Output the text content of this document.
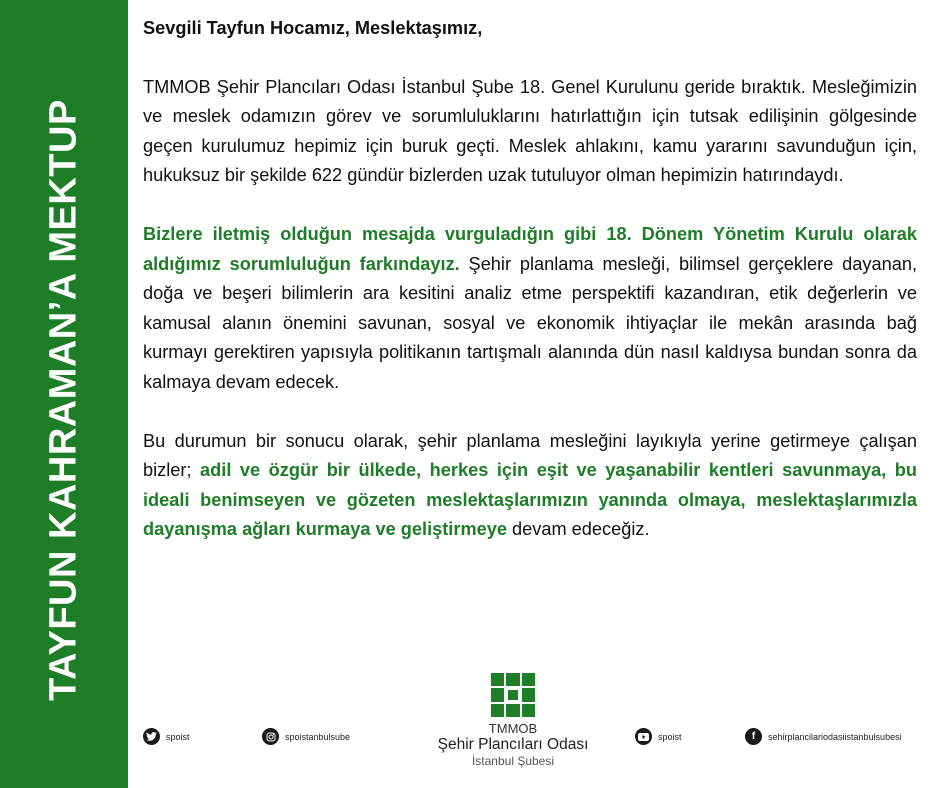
TAYFUN KAHRAMAN’A MEKTUP

Sevgili Tayfun Hocamız, Meslektaşımız,

TMMOB Şehir Plancıları Odası İstanbul Şube 18. Genel Kurulunu geride bıraktık. Mesleğimizin ve meslek odamızın görev ve sorumluluklarını hatırlattığın için tutsak edilişinin gölgesinde geçen kurulumuz hepimiz için buruk geçti. Meslek ahlakını, kamu yararını savunduğun için, hukuksuz bir şekilde 622 gündür bizlerden uzak tutuluyor olman hepimizin hatırındaydı.

Bizlere iletmiş olduğun mesajda vurguladığın gibi 18. Dönem Yönetim Kurulu olarak aldığımız sorumluluğun farkındayız. Şehir planlama mesleği, bilimsel gerçeklere dayanan, doğa ve beşeri bilimlerin ara kesitini analiz etme perspektifi kazandıran, etik değerlerin ve kamusal alanın önemini savunan, sosyal ve ekonomik ihtiyaçlar ile mekân arasında bağ kurmayı gerektiren yapısıyla politikanın tartışmalı alanında dün nasıl kaldıysa bundan sonra da kalmaya devam edecek.

Bu durumun bir sonucu olarak, şehir planlama mesleğini layıkıyla yerine getirmeye çalışan bizler; adil ve özgür bir ülkede, herkes için eşit ve yaşanabilir kentleri savunmaya, bu ideali benimseyen ve gözeten meslektaşlarımızın yanında olmaya, meslektaşlarımızla dayanışma ağları kurmaya ve geliştirmeye devam edeceğiz.

spoist	spoistanbulsube
TMMOB
Şehir Plancıları Odası
İstanbul Şubesi
spoist	f	sehirplancilariodasiistanbulsubesi
